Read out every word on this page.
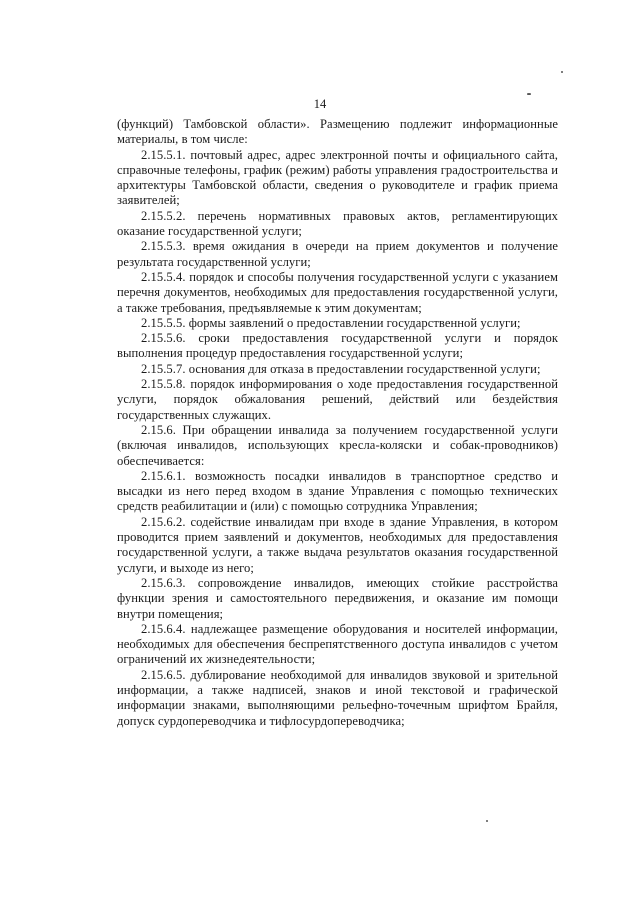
14

(функций) Тамбовской области». Размещению подлежит информационные материалы, в том числе:

2.15.5.1. почтовый адрес, адрес электронной почты и официального сайта, справочные телефоны, график (режим) работы управления градостроительства и архитектуры Тамбовской области, сведения о руководителе и график приема заявителей;

2.15.5.2. перечень нормативных правовых актов, регламентирующих оказание государственной услуги;

2.15.5.3. время ожидания в очереди на прием документов и получение результата государственной услуги;

2.15.5.4. порядок и способы получения государственной услуги с указанием перечня документов, необходимых для предоставления государственной услуги, а также требования, предъявляемые к этим документам;

2.15.5.5. формы заявлений о предоставлении государственной услуги;

2.15.5.6. сроки предоставления государственной услуги и порядок выполнения процедур предоставления государственной услуги;

2.15.5.7. основания для отказа в предоставлении государственной услуги;

2.15.5.8. порядок информирования о ходе предоставления государственной услуги, порядок обжалования решений, действий или бездействия государственных служащих.

2.15.6. При обращении инвалида за получением государственной услуги (включая инвалидов, использующих кресла-коляски и собак-проводников) обеспечивается:

2.15.6.1. возможность посадки инвалидов в транспортное средство и высадки из него перед входом в здание Управления с помощью технических средств реабилитации и (или) с помощью сотрудника Управления;

2.15.6.2. содействие инвалидам при входе в здание Управления, в котором проводится прием заявлений и документов, необходимых для предоставления государственной услуги, а также выдача результатов оказания государственной услуги, и выходе из него;

2.15.6.3. сопровождение инвалидов, имеющих стойкие расстройства функции зрения и самостоятельного передвижения, и оказание им помощи внутри помещения;

2.15.6.4. надлежащее размещение оборудования и носителей информации, необходимых для обеспечения беспрепятственного доступа инвалидов с учетом ограничений их жизнедеятельности;

2.15.6.5. дублирование необходимой для инвалидов звуковой и зрительной информации, а также надписей, знаков и иной текстовой и графической информации знаками, выполняющими рельефно-точечным шрифтом Брайля, допуск сурдопереводчика и тифлосурдопереводчика;
